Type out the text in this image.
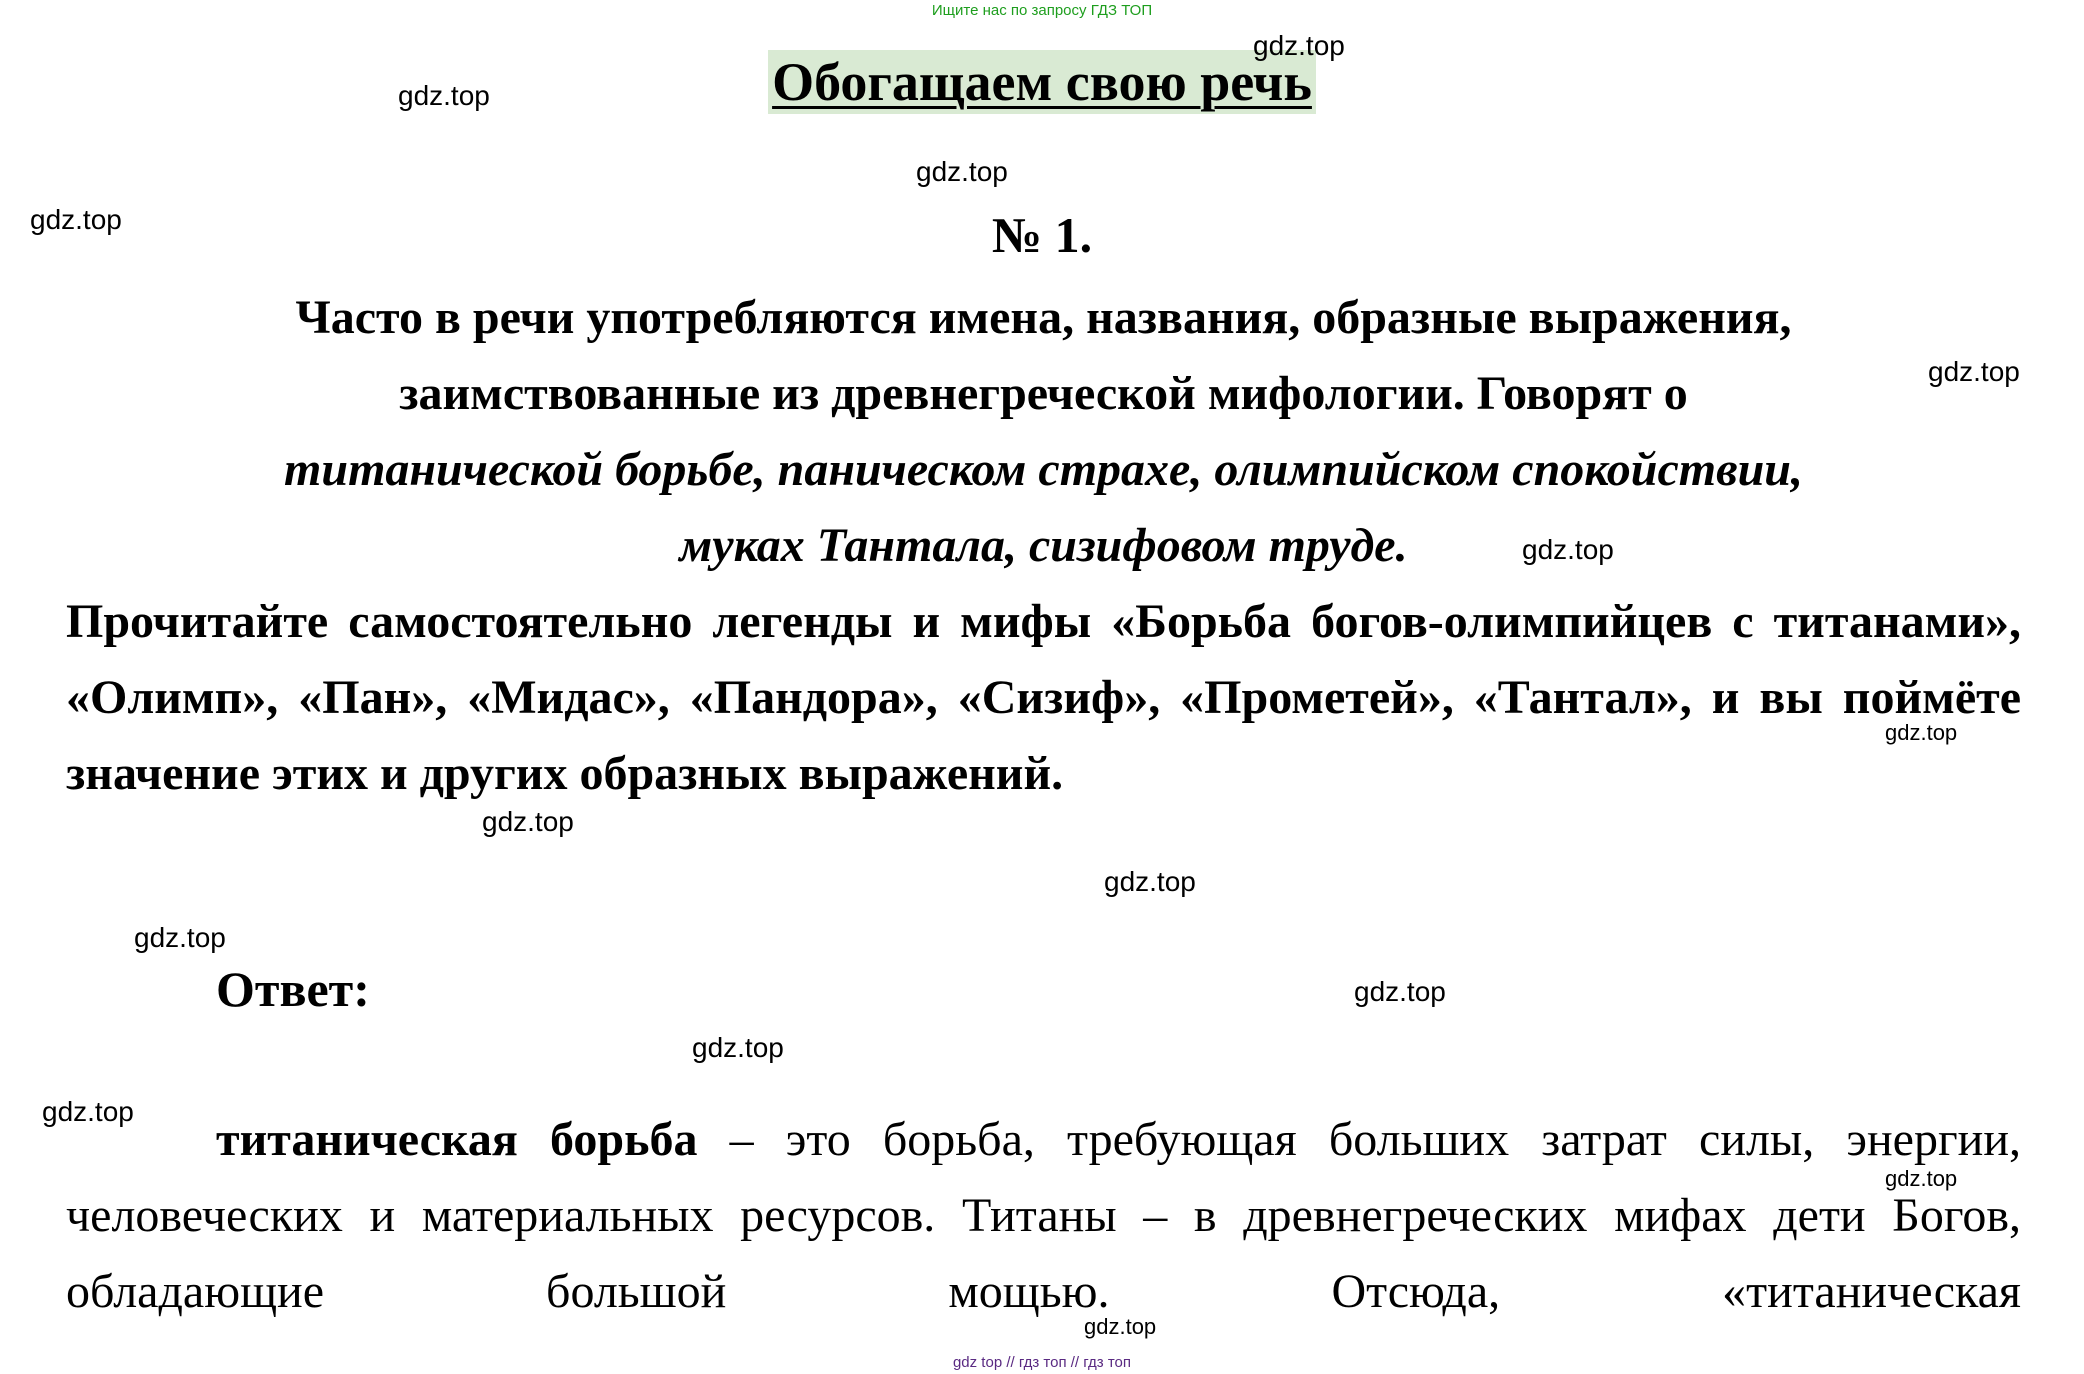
Ищите нас по запросу ГДЗ ТОП
Обогащаем свою речь
№ 1.

Часто в речи употребляются имена, названия, образные выражения,

заимствованные из древнегреческой мифологии. Говорят о

титанической борьбе, паническом страхе, олимпийском спокойствии,

муках Тантала, сизифовом труде.

Прочитайте самостоятельно легенды и мифы «Борьба богов-олимпийцев с титанами», «Олимп», «Пан», «Мидас», «Пандора», «Сизиф», «Прометей», «Тантал», и вы поймёте значение этих и других образных выражений.

Ответ:

титаническая борьба – это борьба, требующая больших затрат силы, энергии, человеческих и материальных ресурсов. Титаны – в древнегреческих мифах дети Богов, обладающие большой мощью. Отсюда, «титаническая

gdz.top
gdz.top
gdz.top
gdz.top
gdz.top
gdz.top
gdz.top
gdz.top
gdz.top
gdz.top
gdz.top
gdz.top
gdz.top
gdz.top
gdz.top
gdz top // гдз топ // гдз топ
